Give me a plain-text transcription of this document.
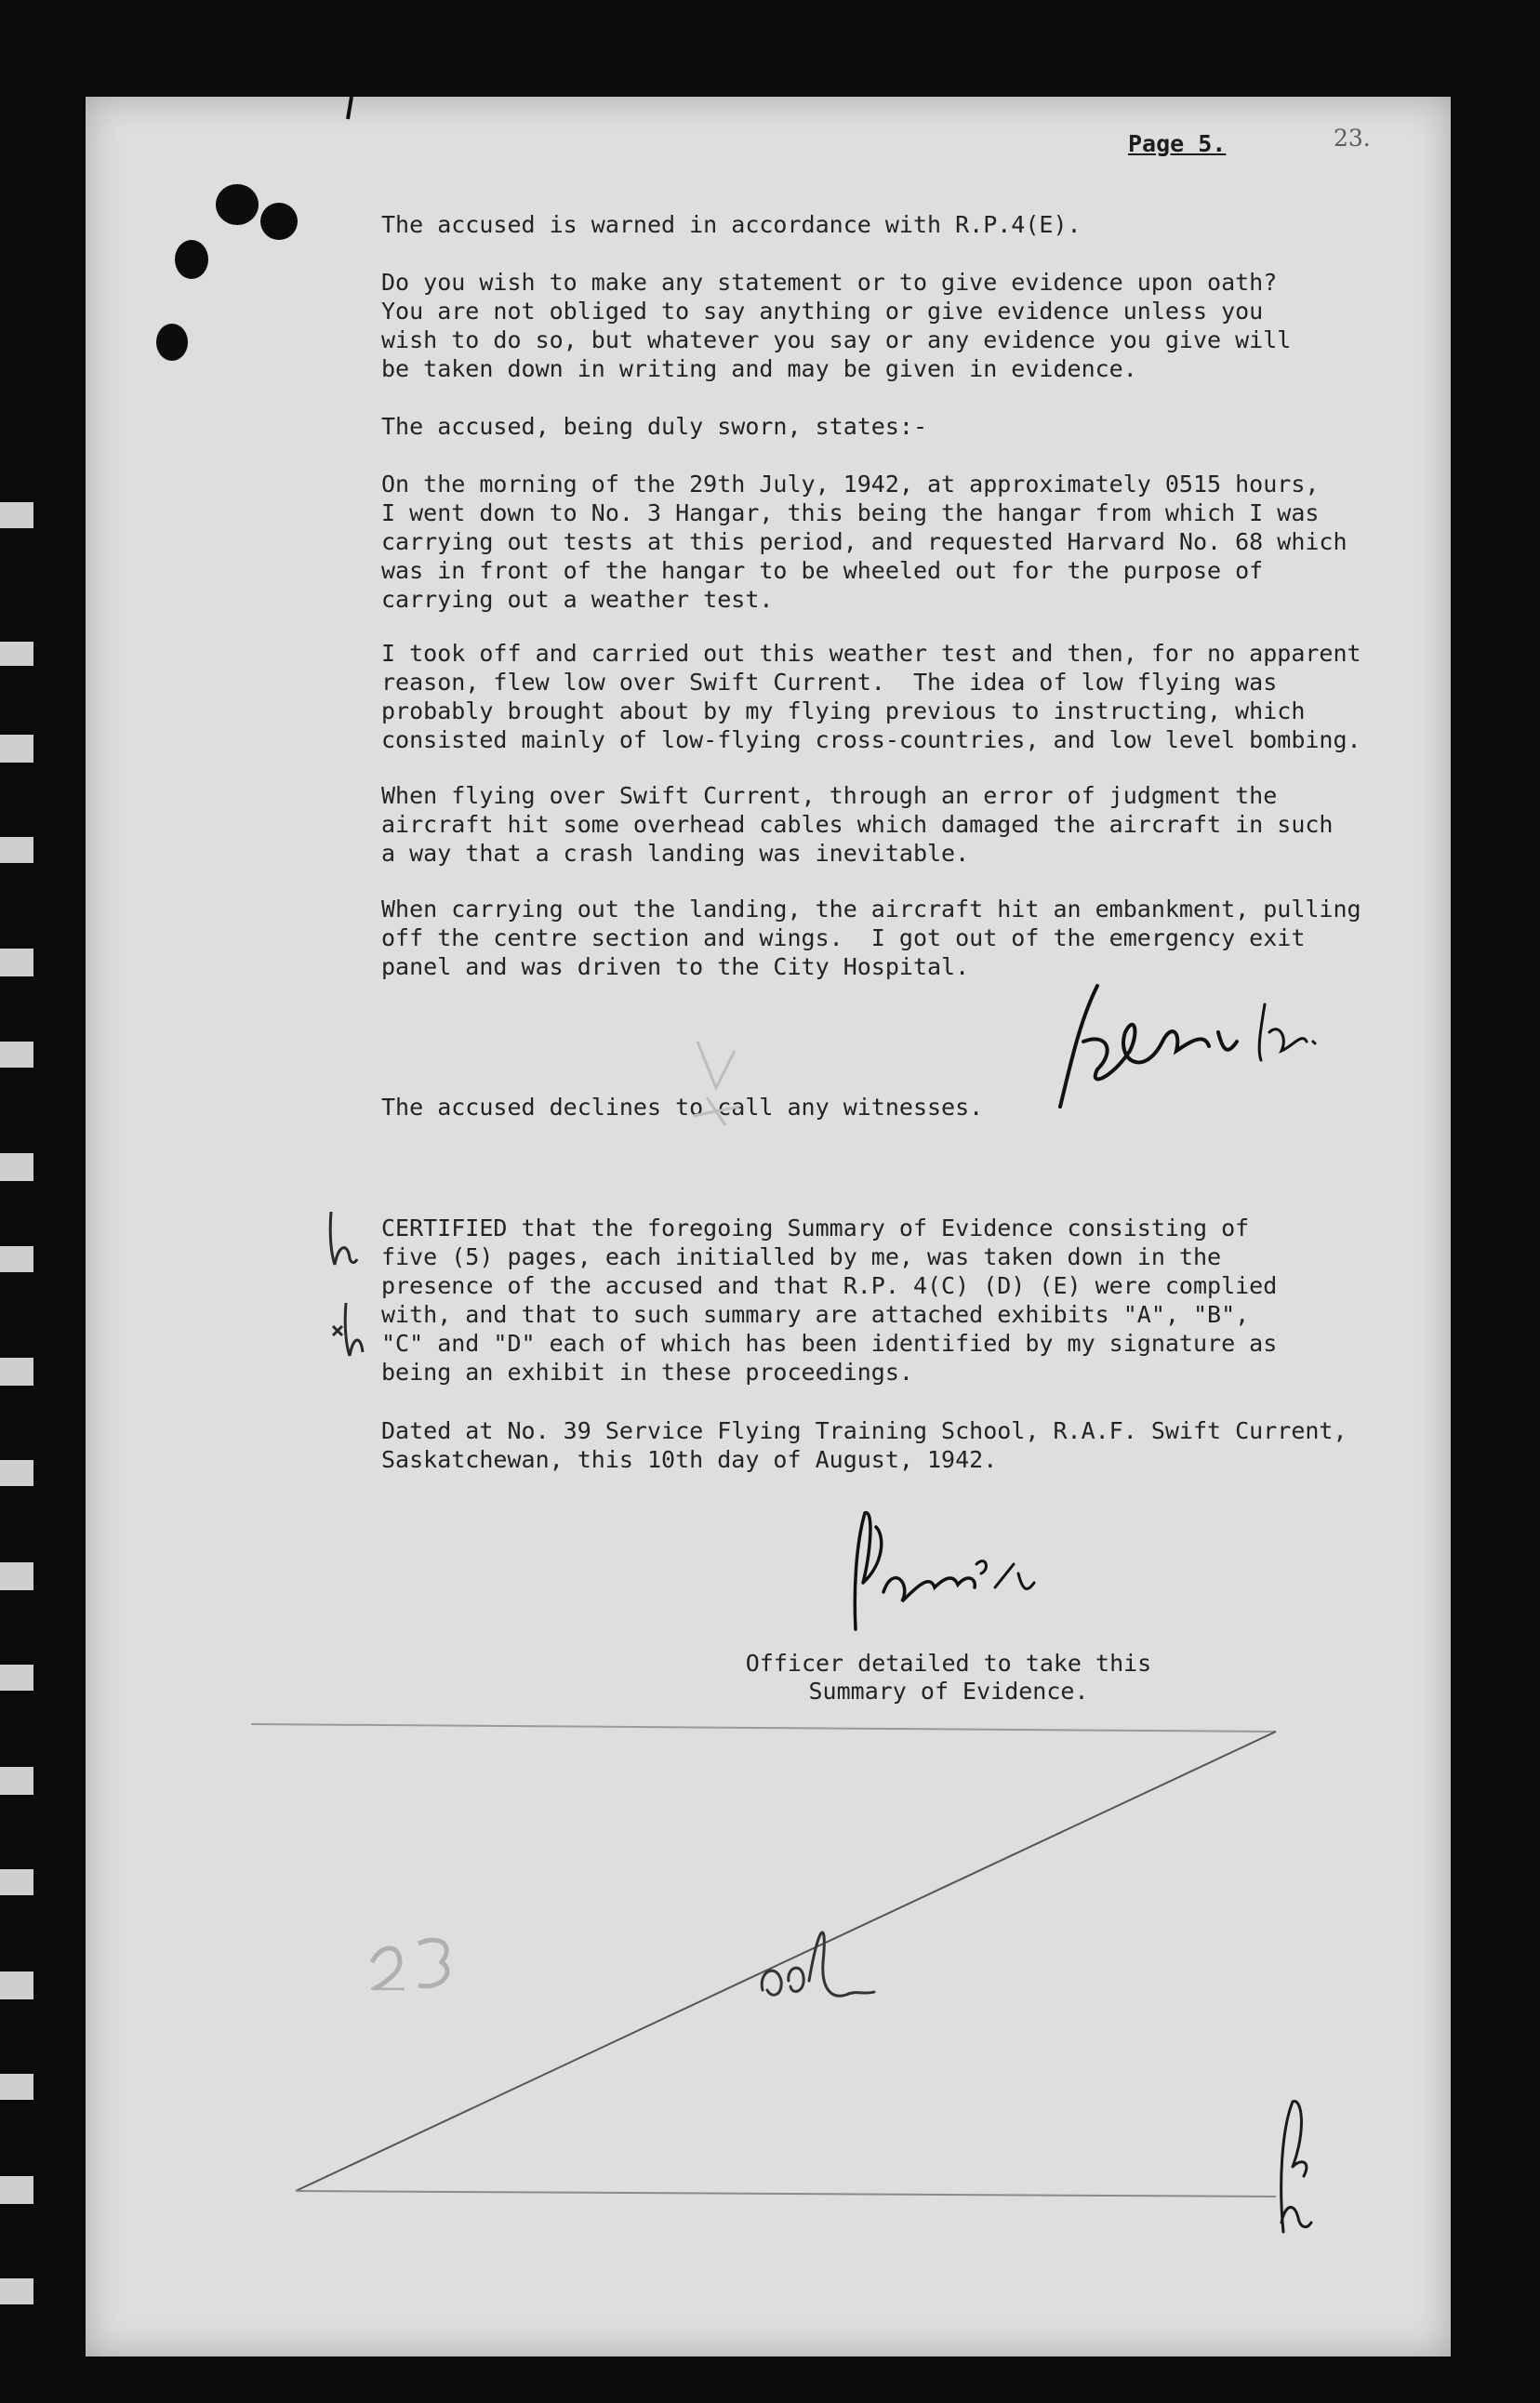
Page 5.	23.

The accused is warned in accordance with R.P.4(E).

Do you wish to make any statement or to give evidence upon oath?
You are not obliged to say anything or give evidence unless you
wish to do so, but whatever you say or any evidence you give will
be taken down in writing and may be given in evidence.

The accused, being duly sworn, states:-

On the morning of the 29th July, 1942, at approximately 0515 hours,
I went down to No. 3 Hangar, this being the hangar from which I was
carrying out tests at this period, and requested Harvard No. 68 which
was in front of the hangar to be wheeled out for the purpose of
carrying out a weather test.

I took off and carried out this weather test and then, for no apparent
reason, flew low over Swift Current.  The idea of low flying was
probably brought about by my flying previous to instructing, which
consisted mainly of low-flying cross-countries, and low level bombing.

When flying over Swift Current, through an error of judgment the
aircraft hit some overhead cables which damaged the aircraft in such
a way that a crash landing was inevitable.

When carrying out the landing, the aircraft hit an embankment, pulling
off the centre section and wings.  I got out of the emergency exit
panel and was driven to the City Hospital.

The accused declines to call any witnesses.

CERTIFIED that the foregoing Summary of Evidence consisting of
five (5) pages, each initialled by me, was taken down in the
presence of the accused and that R.P. 4(C) (D) (E) were complied
with, and that to such summary are attached exhibits "A", "B",
"C" and "D" each of which has been identified by my signature as
being an exhibit in these proceedings.

Dated at No. 39 Service Flying Training School, R.A.F. Swift Current,
Saskatchewan, this 10th day of August, 1942.

Officer detailed to take this
Summary of Evidence.
